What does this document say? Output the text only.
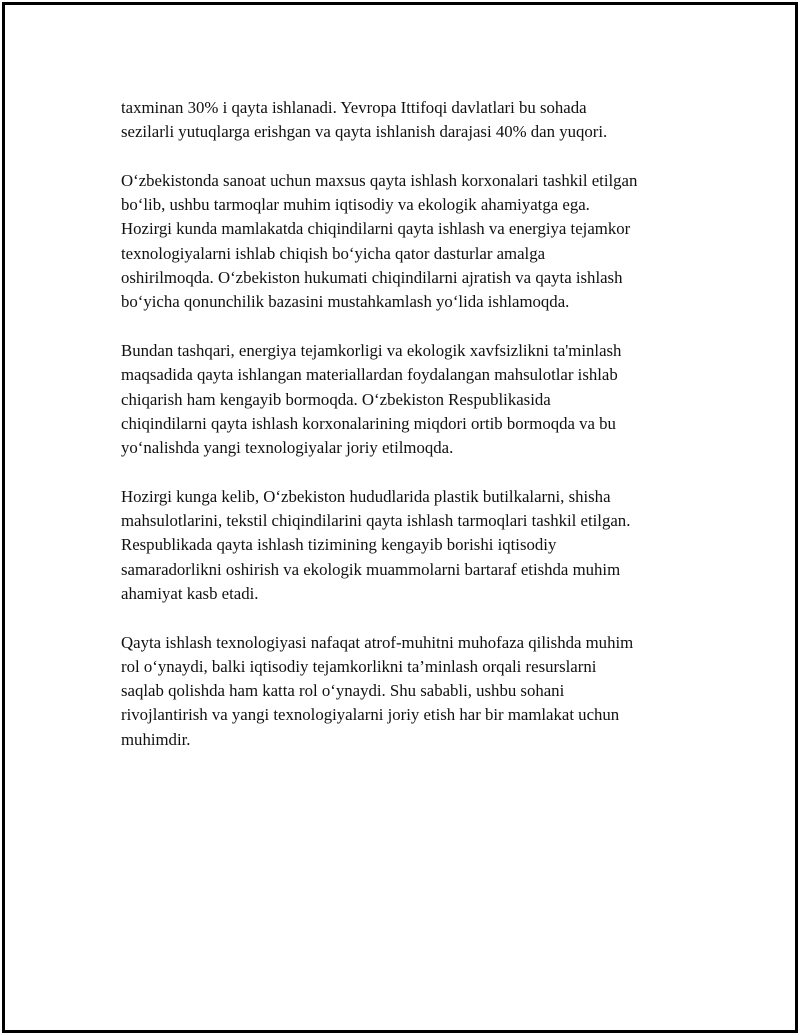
taxminan 30% i qayta ishlanadi. Yevropa Ittifoqi davlatlari bu sohada
sezilarli yutuqlarga erishgan va qayta ishlanish darajasi 40% dan yuqori.

O‘zbekistonda sanoat uchun maxsus qayta ishlash korxonalari tashkil etilgan
bo‘lib, ushbu tarmoqlar muhim iqtisodiy va ekologik ahamiyatga ega.
Hozirgi kunda mamlakatda chiqindilarni qayta ishlash va energiya tejamkor
texnologiyalarni ishlab chiqish bo‘yicha qator dasturlar amalga
oshirilmoqda. O‘zbekiston hukumati chiqindilarni ajratish va qayta ishlash
bo‘yicha qonunchilik bazasini mustahkamlash yo‘lida ishlamoqda.

Bundan tashqari, energiya tejamkorligi va ekologik xavfsizlikni ta'minlash
maqsadida qayta ishlangan materiallardan foydalangan mahsulotlar ishlab
chiqarish ham kengayib bormoqda. O‘zbekiston Respublikasida
chiqindilarni qayta ishlash korxonalarining miqdori ortib bormoqda va bu
yo‘nalishda yangi texnologiyalar joriy etilmoqda.

Hozirgi kunga kelib, O‘zbekiston hududlarida plastik butilkalarni, shisha
mahsulotlarini, tekstil chiqindilarini qayta ishlash tarmoqlari tashkil etilgan.
Respublikada qayta ishlash tizimining kengayib borishi iqtisodiy
samaradorlikni oshirish va ekologik muammolarni bartaraf etishda muhim
ahamiyat kasb etadi.

Qayta ishlash texnologiyasi nafaqat atrof-muhitni muhofaza qilishda muhim
rol o‘ynaydi, balki iqtisodiy tejamkorlikni ta’minlash orqali resurslarni
saqlab qolishda ham katta rol o‘ynaydi. Shu sababli, ushbu sohani
rivojlantirish va yangi texnologiyalarni joriy etish har bir mamlakat uchun
muhimdir.
